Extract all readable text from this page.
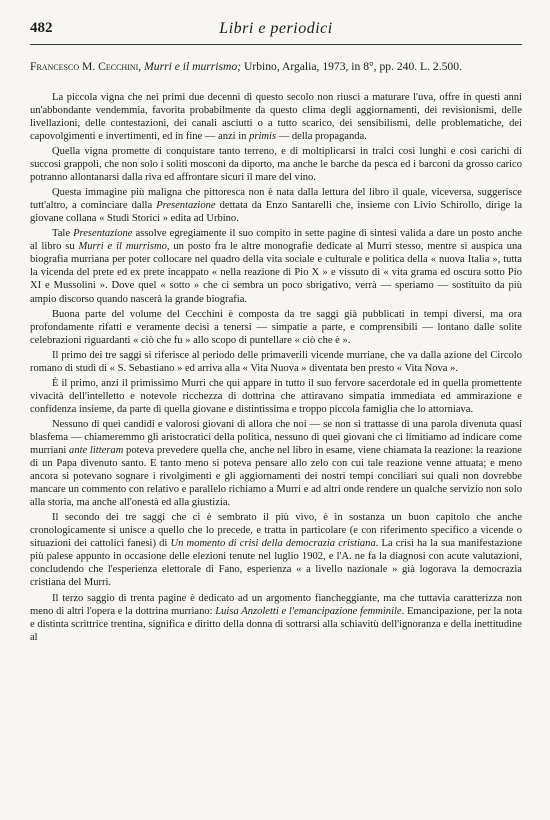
482	Libri e periodici

Francesco M. Cecchini, Murri e il murrismo; Urbino, Argalia, 1973, in 8°, pp. 240. L. 2.500.

La piccola vigna che nei primi due decenni di questo secolo non riuscì a maturare l'uva, offre in questi anni un'abbondante vendemmia, favorita probabilmente da questo clima degli aggiornamenti, dei revisionismi, delle livellazioni, delle contestazioni, dei canali asciutti o a tutto scarico, dei sensibilismi, delle problematiche, dei capovolgimenti e invertimenti, ed in fine — anzi in primis — della propaganda.

Quella vigna promette di conquistare tanto terreno, e di moltiplicarsi in tralci così lunghi e così carichi di succosi grappoli, che non solo i soliti mosconi da diporto, ma anche le barche da pesca ed i barconi da grosso carico potranno allontanarsi dalla riva ed affrontare sicuri il mare del vino.

Questa immagine più maligna che pittoresca non è nata dalla lettura del libro il quale, viceversa, suggerisce tutt'altro, a cominciare dalla Presentazione dettata da Enzo Santarelli che, insieme con Livio Schirollo, dirige la giovane collana « Studi Storici » edita ad Urbino.

Tale Presentazione assolve egregiamente il suo compito in sette pagine di sintesi valida a dare un posto anche al libro su Murri e il murrismo, un posto fra le altre monografie dedicate al Murri stesso, mentre si auspica una biografia murriana per poter collocare nel quadro della vita sociale e culturale e politica della « nuova Italia », tutta la vicenda del prete ed ex prete incappato « nella reazione di Pio X » e vissuto di « vita grama ed oscura sotto Pio XI e Mussolini ». Dove quel « sotto » che ci sembra un poco sbrigativo, verrà — speriamo — sostituito da più ampio discorso quando nascerà la grande biografia.

Buona parte del volume del Cecchini è composta da tre saggi già pubblicati in tempi diversi, ma ora profondamente rifatti e veramente decisi a tenersi — simpatie a parte, e comprensibili — lontano dalle solite celebrazioni riguardanti « ciò che fu » allo scopo di puntellare « ciò che è ».

Il primo dei tre saggi si riferisce al periodo delle primaverili vicende murriane, che va dalla azione del Circolo romano di studi di « S. Sebastiano » ed arriva alla « Vita Nuova » diventata ben presto « Vita Nova ».

È il primo, anzi il primissimo Murri che qui appare in tutto il suo fervore sacerdotale ed in quella promettente vivacità dell'intelletto e notevole ricchezza di dottrina che attiravano simpatia immediata ed ammirazione e confidenza insieme, da parte di quella giovane e distintissima e troppo piccola famiglia che lo attorniava.

Nessuno di quei candidi e valorosi giovani di allora che noi — se non si trattasse di una parola divenuta quasi blasfema — chiameremmo gli aristocratici della politica, nessuno di quei giovani che ci limitiamo ad indicare come murriani ante litteram poteva prevedere quella che, anche nel libro in esame, viene chiamata la reazione: la reazione di un Papa divenuto santo. E tanto meno si poteva pensare allo zelo con cui tale reazione venne attuata; e meno ancora si potevano sognare i rivolgimenti e gli aggiornamenti dei nostri tempi conciliari sui quali non dovrebbe mancare un commento con relativo e parallelo richiamo a Murri e ad altri onde rendere un qualche servizio non solo alla storia, ma anche all'onestà ed alla giustizia.

Il secondo dei tre saggi che ci è sembrato il più vivo, è in sostanza un buon capitolo che anche cronologicamente si unisce a quello che lo precede, e tratta in particolare (e con riferimento specifico a vicende o situazioni dei cattolici fanesi) di Un momento di crisi della democrazia cristiana. La crisi ha la sua manifestazione più palese appunto in occasione delle elezioni tenute nel luglio 1902, e l'A. ne fa la diagnosi con acute valutazioni, concludendo che l'esperienza elettorale di Fano, esperienza « a livello nazionale » già logorava la democrazia cristiana del Murri.

Il terzo saggio di trenta pagine è dedicato ad un argomento fiancheggiante, ma che tuttavia caratterizza non meno di altri l'opera e la dottrina murriano: Luisa Anzoletti e l'emancipazione femminile. Emancipazione, per la nota e distinta scrittrice trentina, significa e diritto della donna di sottrarsi alla schiavitù dell'ignoranza e della inettitudine al
